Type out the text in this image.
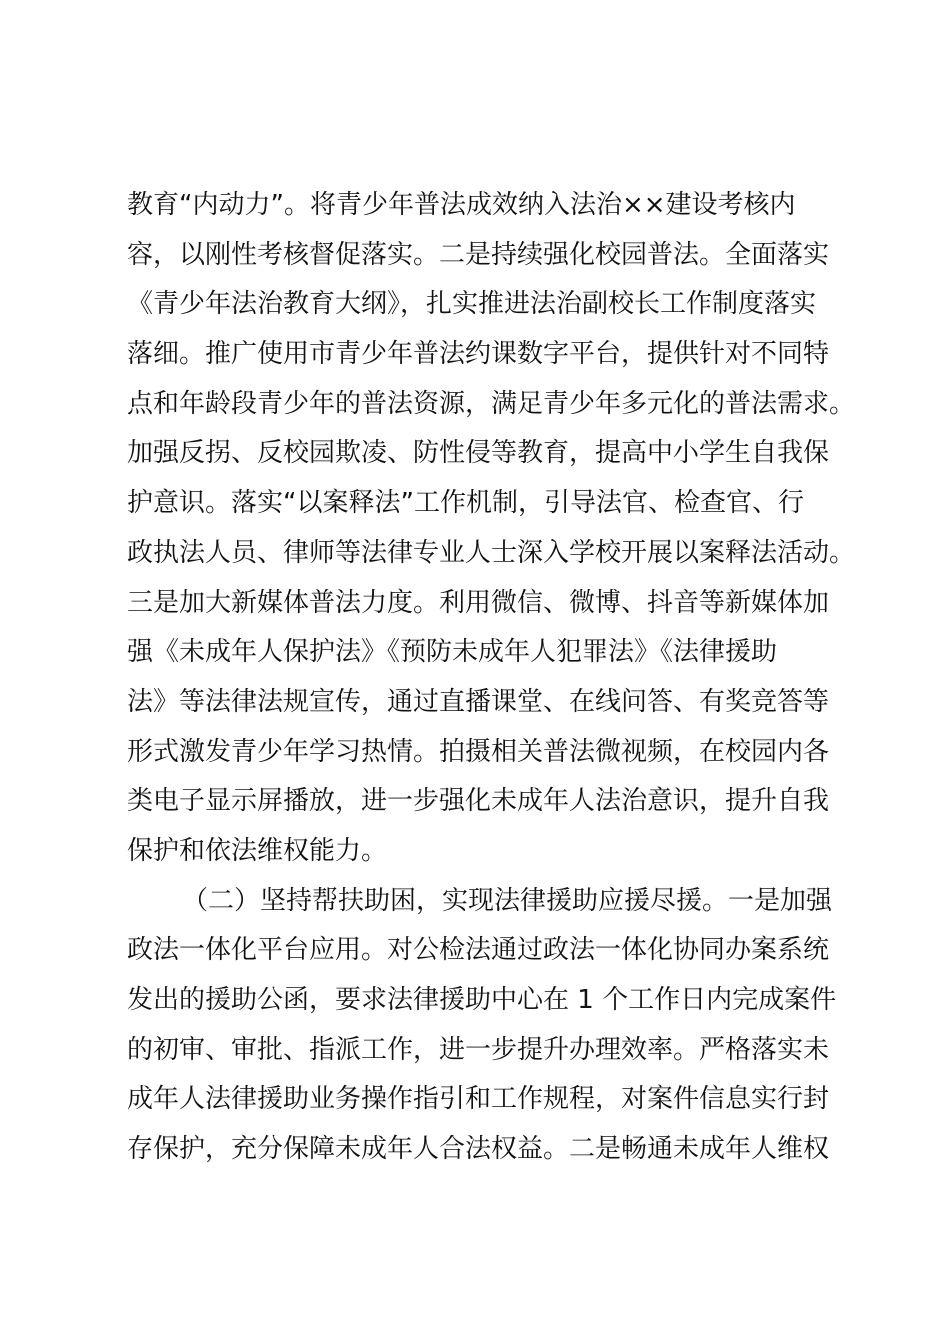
教育“内动力”。将青少年普法成效纳入法治××建设考核内
容，以刚性考核督促落实。二是持续强化校园普法。全面落实
《青少年法治教育大纲》，扎实推进法治副校长工作制度落实
落细。推广使用市青少年普法约课数字平台，提供针对不同特
点和年龄段青少年的普法资源，满足青少年多元化的普法需求。
加强反拐、反校园欺凌、防性侵等教育，提高中小学生自我保
护意识。落实“以案释法”工作机制，引导法官、检查官、行
政执法人员、律师等法律专业人士深入学校开展以案释法活动。
三是加大新媒体普法力度。利用微信、微博、抖音等新媒体加
强《未成年人保护法》《预防未成年人犯罪法》《法律援助
法》等法律法规宣传，通过直播课堂、在线问答、有奖竞答等
形式激发青少年学习热情。拍摄相关普法微视频，在校园内各
类电子显示屏播放，进一步强化未成年人法治意识，提升自我
保护和依法维权能力。
（二）坚持帮扶助困，实现法律援助应援尽援。一是加强
政法一体化平台应用。对公检法通过政法一体化协同办案系统
发出的援助公函，要求法律援助中心在 1 个工作日内完成案件
的初审、审批、指派工作，进一步提升办理效率。严格落实未
成年人法律援助业务操作指引和工作规程，对案件信息实行封
存保护，充分保障未成年人合法权益。二是畅通未成年人维权
